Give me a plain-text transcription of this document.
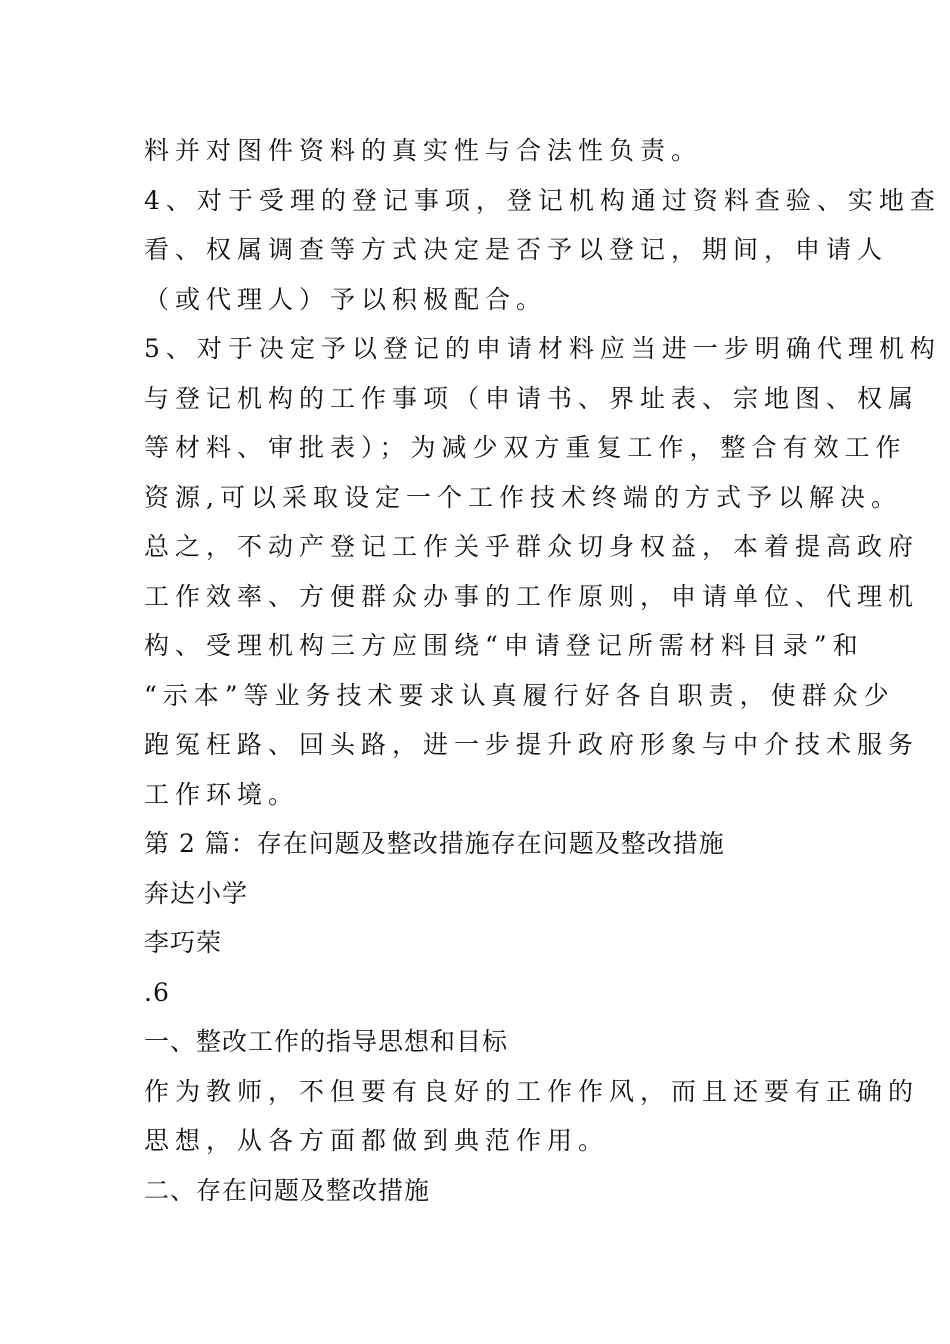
料并对图件资料的真实性与合法性负责。

4、对于受理的登记事项，登记机构通过资料查验、实地查

看、权属调查等方式决定是否予以登记，期间，申请人

（或代理人）予以积极配合。

5、对于决定予以登记的申请材料应当进一步明确代理机构

与登记机构的工作事项（申请书、界址表、宗地图、权属

等材料、审批表）；为减少双方重复工作，整合有效工作

资源,可以采取设定一个工作技术终端的方式予以解决。

总之，不动产登记工作关乎群众切身权益，本着提高政府

工作效率、方便群众办事的工作原则，申请单位、代理机

构、受理机构三方应围绕“申请登记所需材料目录”和

“示本”等业务技术要求认真履行好各自职责，使群众少

跑冤枉路、回头路，进一步提升政府形象与中介技术服务

工作环境。

第 2 篇：存在问题及整改措施存在问题及整改措施

奔达小学

李巧荣

.6

一、整改工作的指导思想和目标

作为教师，不但要有良好的工作作风，而且还要有正确的

思想，从各方面都做到典范作用。

二、存在问题及整改措施
